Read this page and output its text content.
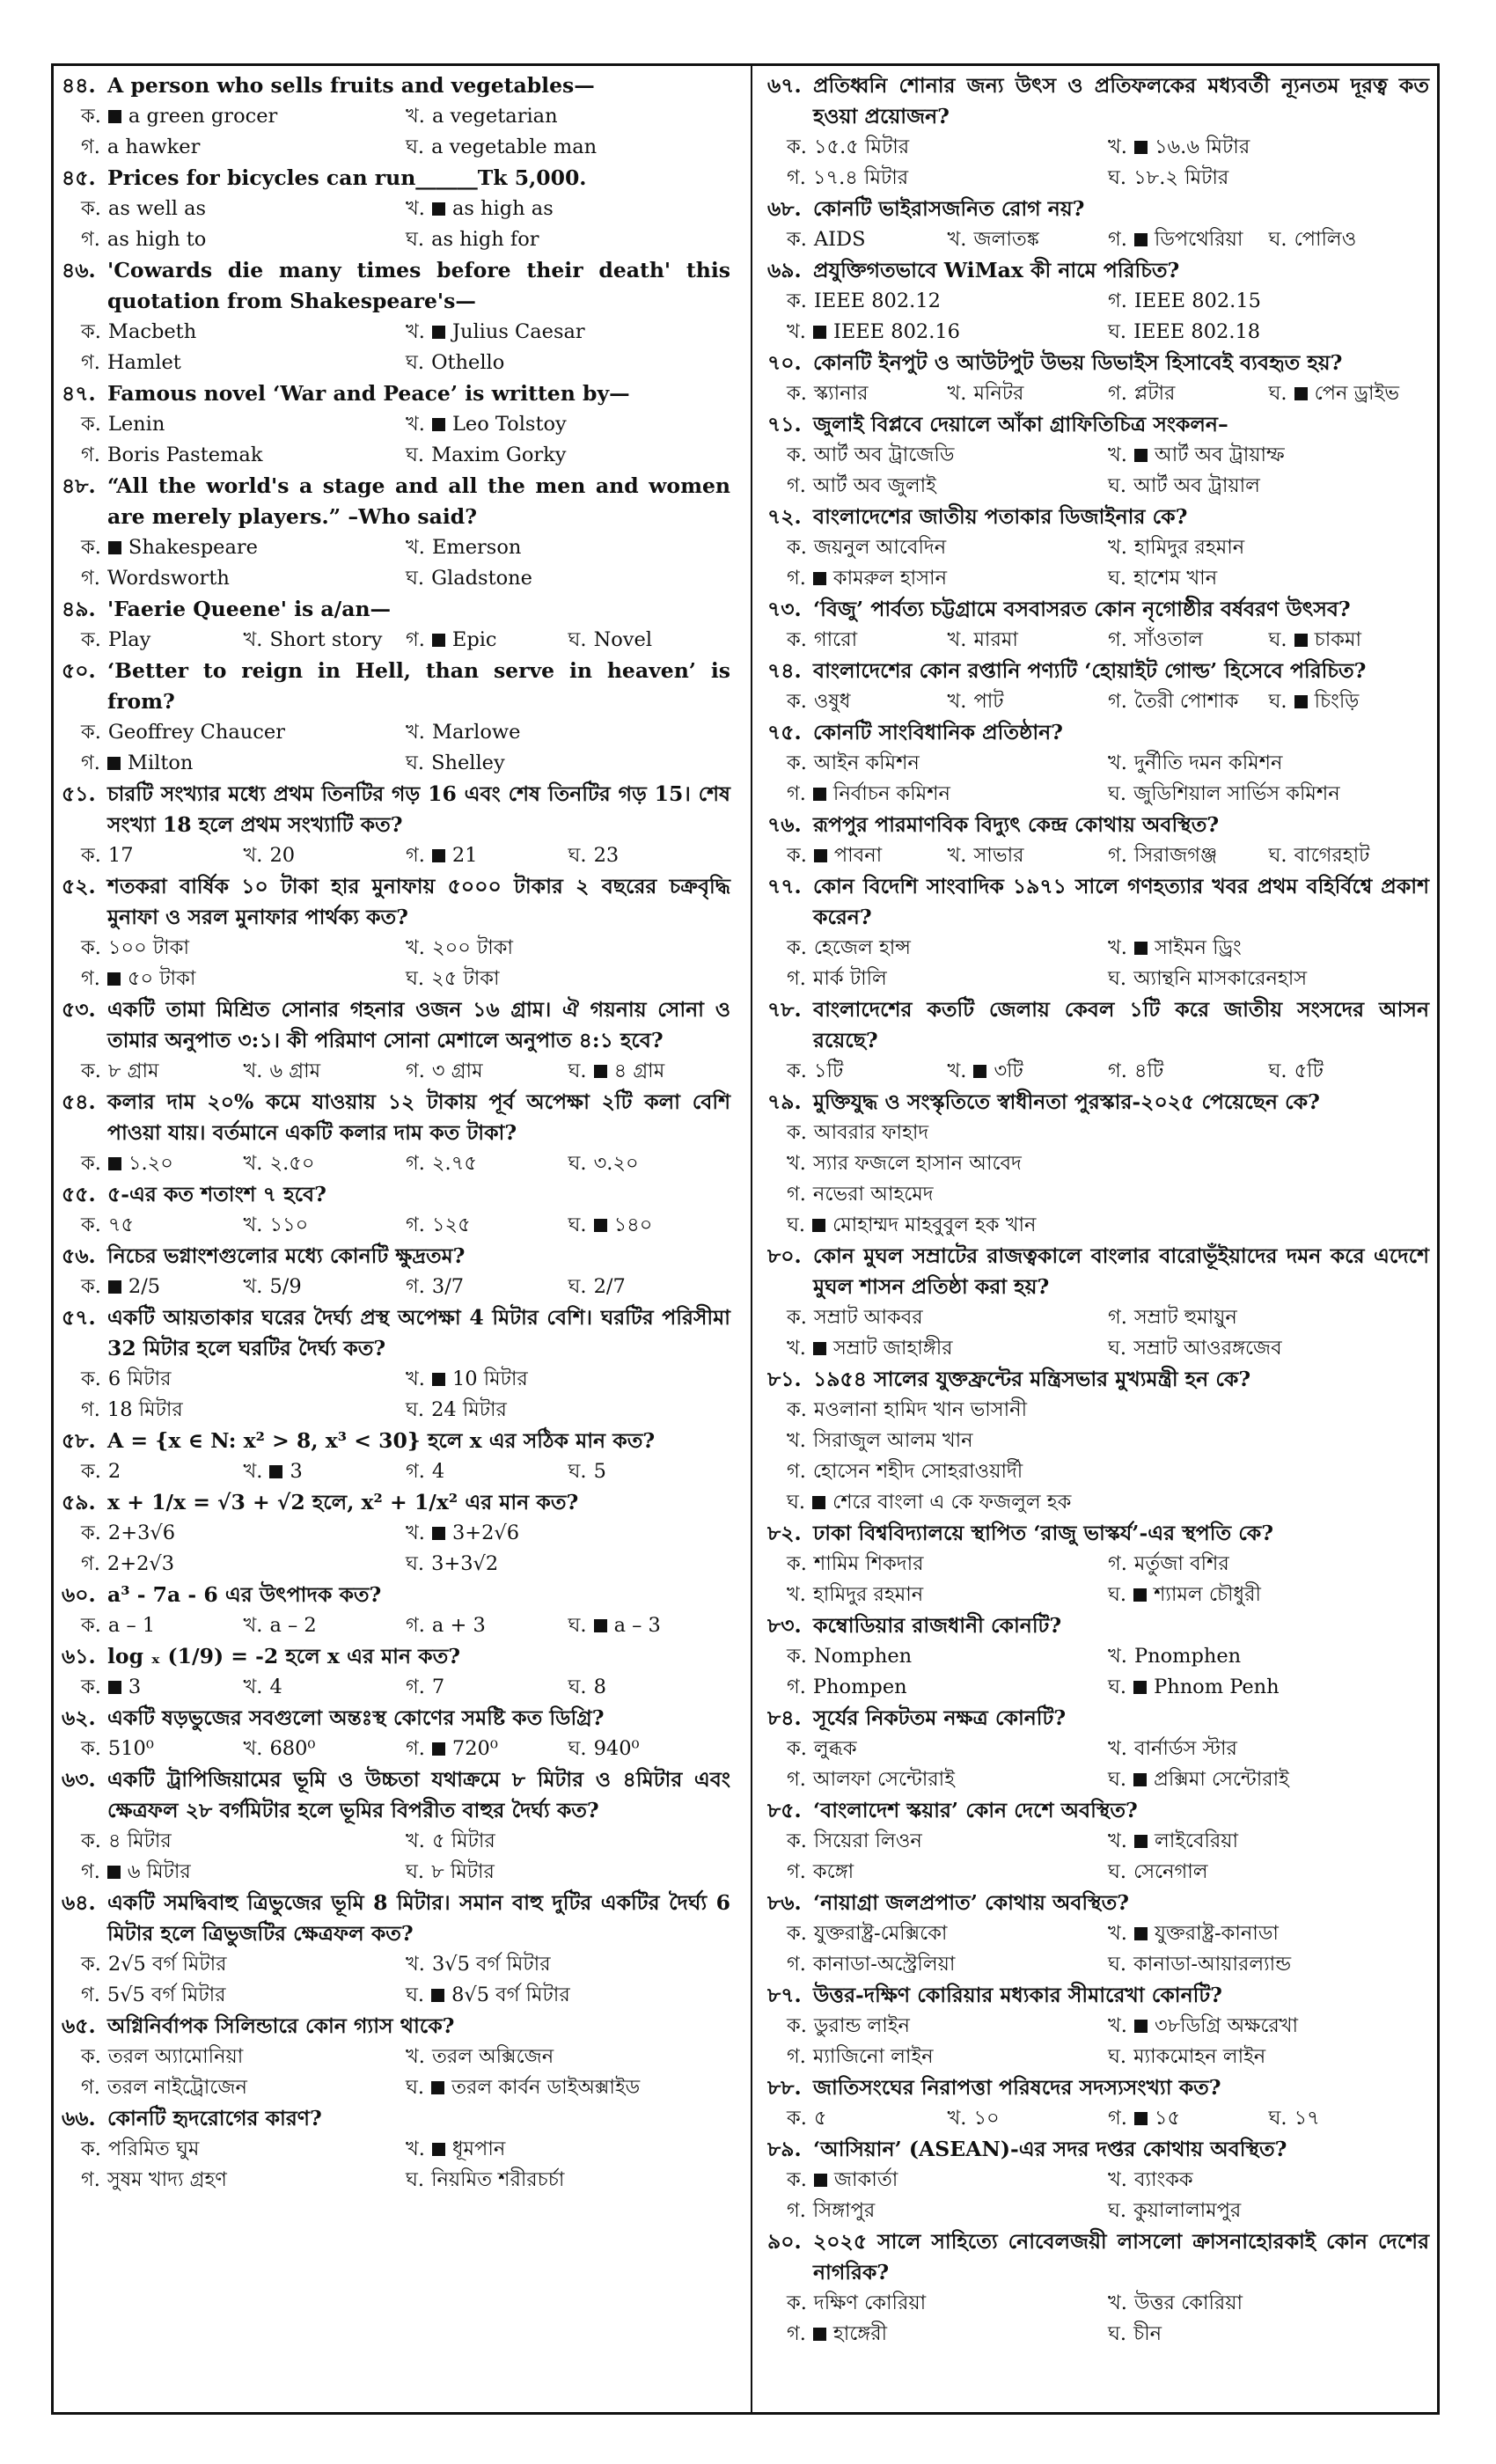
৪৪. A person who sells fruits and vegetables—
ক. a green grocer	খ. a vegetarian
গ. a hawker	ঘ. a vegetable man
৪৫. Prices for bicycles can run______Tk 5,000.
ক. as well as	খ. as high as
গ. as high to	ঘ. as high for
৪৬. 'Cowards die many times before their death' this quotation from Shakespeare's—
ক. Macbeth	খ. Julius Caesar
গ. Hamlet	ঘ. Othello
৪৭. Famous novel ‘War and Peace’ is written by—
ক. Lenin	খ. Leo Tolstoy
গ. Boris Pastemak	ঘ. Maxim Gorky
৪৮. “All the world's a stage and all the men and women are merely players.” –Who said?
ক. Shakespeare	খ. Emerson
গ. Wordsworth	ঘ. Gladstone
৪৯. 'Faerie Queene' is a/an—
ক. Play	খ. Short story	গ. Epic	ঘ. Novel
৫০. ‘Better to reign in Hell, than serve in heaven’ is from?
ক. Geoffrey Chaucer	খ. Marlowe
গ. Milton	ঘ. Shelley
৫১. চারটি সংখ্যার মধ্যে প্রথম তিনটির গড় 16 এবং শেষ তিনটির গড় 15। শেষ সংখ্যা 18 হলে প্রথম সংখ্যাটি কত?
ক. 17	খ. 20	গ. 21	ঘ. 23
৫২. শতকরা বার্ষিক ১০ টাকা হার মুনাফায় ৫০০০ টাকার ২ বছরের চক্রবৃদ্ধি মুনাফা ও সরল মুনাফার পার্থক্য কত?
ক. ১০০ টাকা	খ. ২০০ টাকা
গ. ৫০ টাকা	ঘ. ২৫ টাকা
৫৩. একটি তামা মিশ্রিত সোনার গহনার ওজন ১৬ গ্রাম। ঐ গয়নায় সোনা ও তামার অনুপাত ৩:১। কী পরিমাণ সোনা মেশালে অনুপাত ৪:১ হবে?
ক. ৮ গ্রাম	খ. ৬ গ্রাম	গ. ৩ গ্রাম	ঘ. ৪ গ্রাম
৫৪. কলার দাম ২০% কমে যাওয়ায় ১২ টাকায় পূর্ব অপেক্ষা ২টি কলা বেশি পাওয়া যায়। বর্তমানে একটি কলার দাম কত টাকা?
ক. ১.২০	খ. ২.৫০	গ. ২.৭৫	ঘ. ৩.২০
৫৫. ৫-এর কত শতাংশ ৭ হবে?
ক. ৭৫	খ. ১১০	গ. ১২৫	ঘ. ১৪০
৫৬. নিচের ভগ্নাংশগুলোর মধ্যে কোনটি ক্ষুদ্রতম?
ক. 2/5	খ. 5/9	গ. 3/7	ঘ. 2/7
৫৭. একটি আয়তাকার ঘরের দৈর্ঘ্য প্রস্থ অপেক্ষা 4 মিটার বেশি। ঘরটির পরিসীমা 32 মিটার হলে ঘরটির দৈর্ঘ্য কত?
ক. 6 মিটার	খ. 10 মিটার
গ. 18 মিটার	ঘ. 24 মিটার
৫৮. A = {x ∈ N: x² > 8, x³ < 30} হলে x এর সঠিক মান কত?
ক. 2	খ. 3	গ. 4	ঘ. 5
৫৯. x + 1/x = √3 + √2 হলে, x² + 1/x² এর মান কত?
ক. 2+3√6	খ. 3+2√6
গ. 2+2√3	ঘ. 3+3√2
৬০. a³ - 7a - 6 এর উৎপাদক কত?
ক. a – 1	খ. a – 2	গ. a + 3	ঘ. a – 3
৬১. log ₓ (1/9) = -2 হলে x এর মান কত?
ক. 3	খ. 4	গ. 7	ঘ. 8
৬২. একটি ষড়ভুজের সবগুলো অন্তঃস্থ কোণের সমষ্টি কত ডিগ্রি?
ক. 510⁰	খ. 680⁰	গ. 720⁰	ঘ. 940⁰
৬৩. একটি ট্রাপিজিয়ামের ভূমি ও উচ্চতা যথাক্রমে ৮ মিটার ও ৪মিটার এবং ক্ষেত্রফল ২৮ বর্গমিটার হলে ভূমির বিপরীত বাহুর দৈর্ঘ্য কত?
ক. ৪ মিটার	খ. ৫ মিটার
গ. ৬ মিটার	ঘ. ৮ মিটার
৬৪. একটি সমদ্বিবাহু ত্রিভুজের ভূমি 8 মিটার। সমান বাহু দুটির একটির দৈর্ঘ্য 6 মিটার হলে ত্রিভুজটির ক্ষেত্রফল কত?
ক. 2√5 বর্গ মিটার	খ. 3√5 বর্গ মিটার
গ. 5√5 বর্গ মিটার	ঘ. 8√5 বর্গ মিটার
৬৫. অগ্নিনির্বাপক সিলিন্ডারে কোন গ্যাস থাকে?
ক. তরল অ্যামোনিয়া	খ. তরল অক্সিজেন
গ. তরল নাইট্রোজেন	ঘ. তরল কার্বন ডাইঅক্সাইড
৬৬. কোনটি হৃদরোগের কারণ?
ক. পরিমিত ঘুম	খ. ধূমপান
গ. সুষম খাদ্য গ্রহণ	ঘ. নিয়মিত শরীরচর্চা
৬৭. প্রতিধ্বনি শোনার জন্য উৎস ও প্রতিফলকের মধ্যবর্তী ন্যূনতম দূরত্ব কত হওয়া প্রয়োজন?
ক. ১৫.৫ মিটার	খ. ১৬.৬ মিটার
গ. ১৭.৪ মিটার	ঘ. ১৮.২ মিটার
৬৮. কোনটি ভাইরাসজনিত রোগ নয়?
ক. AIDS	খ. জলাতঙ্ক	গ. ডিপথেরিয়া	ঘ. পোলিও
৬৯. প্রযুক্তিগতভাবে WiMax কী নামে পরিচিত?
ক. IEEE 802.12	গ. IEEE 802.15
খ. IEEE 802.16	ঘ. IEEE 802.18
৭০. কোনটি ইনপুট ও আউটপুট উভয় ডিভাইস হিসাবেই ব্যবহৃত হয়?
ক. স্ক্যানার	খ. মনিটর	গ. প্লটার	ঘ. পেন ড্রাইভ
৭১. জুলাই বিপ্লবে দেয়ালে আঁকা গ্রাফিতিচিত্র সংকলন–
ক. আর্ট অব ট্রাজেডি	খ. আর্ট অব ট্রায়াম্ফ
গ. আর্ট অব জুলাই	ঘ. আর্ট অব ট্রায়াল
৭২. বাংলাদেশের জাতীয় পতাকার ডিজাইনার কে?
ক. জয়নুল আবেদিন	খ. হামিদুর রহমান
গ. কামরুল হাসান	ঘ. হাশেম খান
৭৩. ‘বিজু’ পার্বত্য চট্টগ্রামে বসবাসরত কোন নৃগোষ্ঠীর বর্ষবরণ উৎসব?
ক. গারো	খ. মারমা	গ. সাঁওতাল	ঘ. চাকমা
৭৪. বাংলাদেশের কোন রপ্তানি পণ্যটি ‘হোয়াইট গোল্ড’ হিসেবে পরিচিত?
ক. ওষুধ	খ. পাট	গ. তৈরী পোশাক	ঘ. চিংড়ি
৭৫. কোনটি সাংবিধানিক প্রতিষ্ঠান?
ক. আইন কমিশন	খ. দুর্নীতি দমন কমিশন
গ. নির্বাচন কমিশন	ঘ. জুডিশিয়াল সার্ভিস কমিশন
৭৬. রূপপুর পারমাণবিক বিদ্যুৎ কেন্দ্র কোথায় অবস্থিত?
ক. পাবনা	খ. সাভার	গ. সিরাজগঞ্জ	ঘ. বাগেরহাট
৭৭. কোন বিদেশি সাংবাদিক ১৯৭১ সালে গণহত্যার খবর প্রথম বহির্বিশ্বে প্রকাশ করেন?
ক. হেজেল হান্স	খ. সাইমন ড্রিং
গ. মার্ক টালি	ঘ. অ্যান্থনি মাসকারেনহাস
৭৮. বাংলাদেশের কতটি জেলায় কেবল ১টি করে জাতীয় সংসদের আসন রয়েছে?
ক. ১টি	খ. ৩টি	গ. ৪টি	ঘ. ৫টি
৭৯. মুক্তিযুদ্ধ ও সংস্কৃতিতে স্বাধীনতা পুরস্কার-২০২৫ পেয়েছেন কে?
ক. আবরার ফাহাদ
খ. স্যার ফজলে হাসান আবেদ
গ. নভেরা আহমেদ
ঘ. মোহাম্মদ মাহবুবুল হক খান
৮০. কোন মুঘল সম্রাটের রাজত্বকালে বাংলার বারোভূঁইয়াদের দমন করে এদেশে মুঘল শাসন প্রতিষ্ঠা করা হয়?
ক. সম্রাট আকবর	গ. সম্রাট হুমায়ুন
খ. সম্রাট জাহাঙ্গীর	ঘ. সম্রাট আওরঙ্গজেব
৮১. ১৯৫৪ সালের যুক্তফ্রন্টের মন্ত্রিসভার মুখ্যমন্ত্রী হন কে?
ক. মওলানা হামিদ খান ভাসানী
খ. সিরাজুল আলম খান
গ. হোসেন শহীদ সোহরাওয়ার্দী
ঘ. শেরে বাংলা এ কে ফজলুল হক
৮২. ঢাকা বিশ্ববিদ্যালয়ে স্থাপিত ‘রাজু ভাস্কর্য’-এর স্থপতি কে?
ক. শামিম শিকদার	গ. মর্তুজা বশির
খ. হামিদুর রহমান	ঘ. শ্যামল চৌধুরী
৮৩. কম্বোডিয়ার রাজধানী কোনটি?
ক. Nomphen	খ. Pnomphen
গ. Phompen	ঘ. Phnom Penh
৮৪. সূর্যের নিকটতম নক্ষত্র কোনটি?
ক. লুব্ধক	খ. বার্নার্ডস স্টার
গ. আলফা সেন্টোরাই	ঘ. প্রক্সিমা সেন্টোরাই
৮৫. ‘বাংলাদেশ স্কয়ার’ কোন দেশে অবস্থিত?
ক. সিয়েরা লিওন	খ. লাইবেরিয়া
গ. কঙ্গো	ঘ. সেনেগাল
৮৬. ‘নায়াগ্রা জলপ্রপাত’ কোথায় অবস্থিত?
ক. যুক্তরাষ্ট্র-মেক্সিকো	খ. যুক্তরাষ্ট্র-কানাডা
গ. কানাডা-অস্ট্রেলিয়া	ঘ. কানাডা-আয়ারল্যান্ড
৮৭. উত্তর-দক্ষিণ কোরিয়ার মধ্যকার সীমারেখা কোনটি?
ক. ডুরান্ড লাইন	খ. ৩৮ডিগ্রি অক্ষরেখা
গ. ম্যাজিনো লাইন	ঘ. ম্যাকমোহন লাইন
৮৮. জাতিসংঘের নিরাপত্তা পরিষদের সদস্যসংখ্যা কত?
ক. ৫	খ. ১০	গ. ১৫	ঘ. ১৭
৮৯. ‘আসিয়ান’ (ASEAN)-এর সদর দপ্তর কোথায় অবস্থিত?
ক. জাকার্তা	খ. ব্যাংকক
গ. সিঙ্গাপুর	ঘ. কুয়ালালামপুর
৯০. ২০২৫ সালে সাহিত্যে নোবেলজয়ী লাসলো ক্রাসনাহোরকাই কোন দেশের নাগরিক?
ক. দক্ষিণ কোরিয়া	খ. উত্তর কোরিয়া
গ. হাঙ্গেরী	ঘ. চীন
